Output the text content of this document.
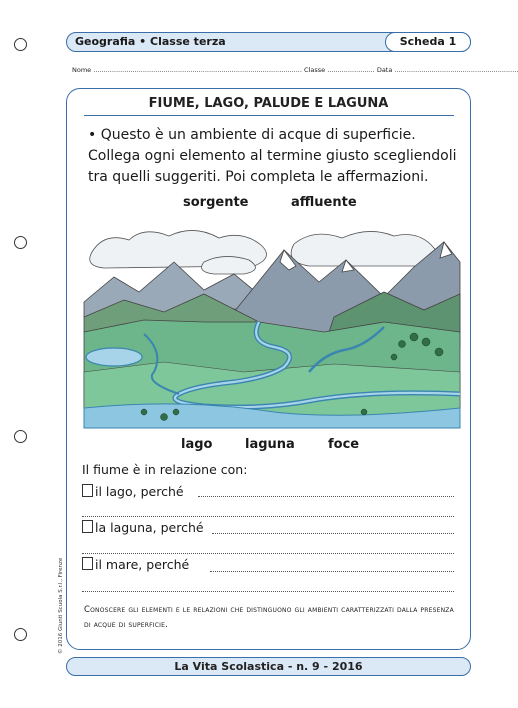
Geografia • Classe terza	Scheda 1
Nome ..................................................................................................... Classe ....................... Data ............................................................
FIUME, LAGO, PALUDE E LAGUNA
• Questo è un ambiente di acque di superficie. Collega ogni elemento al termine giusto scegliendoli tra quelli suggeriti. Poi completa le affermazioni.
sorgente	affluente
lago	laguna	foce
Il fiume è in relazione con:
il lago, perché
la laguna, perché
il mare, perché
Conoscere gli elementi e le relazioni che distinguono gli ambienti caratterizzati dalla presenza di acque di superficie.
© 2016 Giunti Scuola S.r.l., Firenze
La Vita Scolastica - n. 9 - 2016
